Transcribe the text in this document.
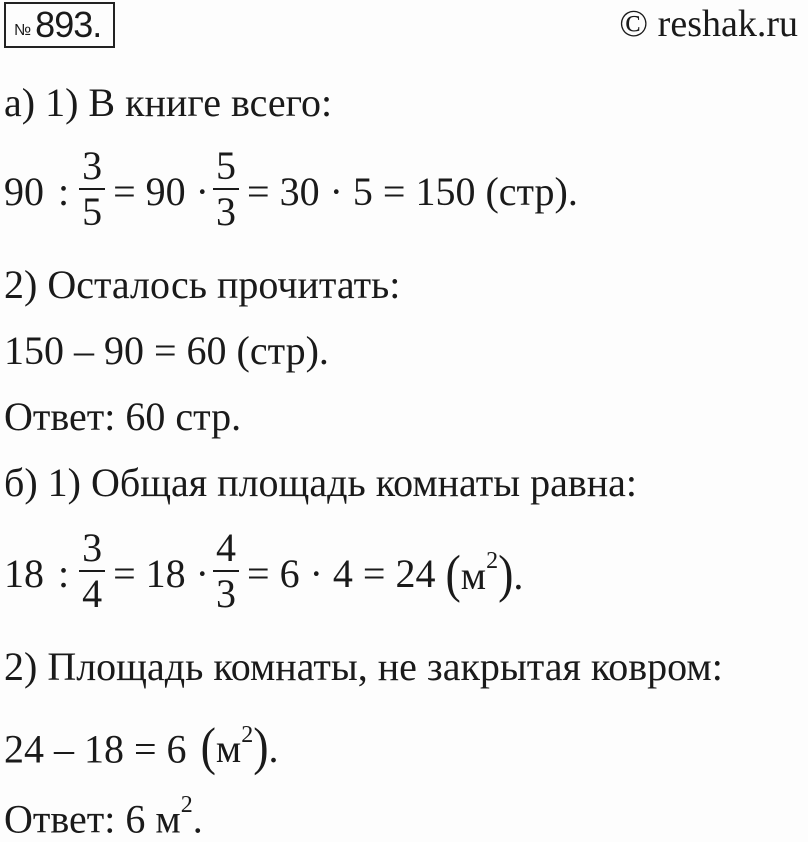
№ 893.	© reshak.ru
а) 1) В книге всего:
90 : $\frac{3}{5} = 90 \cdot \frac{5}{3} = 30 \cdot 5 = 150$ (стр).
2) Осталось прочитать:
150 – 90 = 60 (стр).
Ответ: 60 стр.
б) 1) Общая площадь комнаты равна:
18 : $\frac{3}{4} = 18 \cdot \frac{4}{3} = 6 \cdot 4 = 24$ $(м^2)$.
2) Площадь комнаты, не закрытая ковром:
24 – 18 = 6 $(м^2)$.
Ответ: 6 $м^2$.
